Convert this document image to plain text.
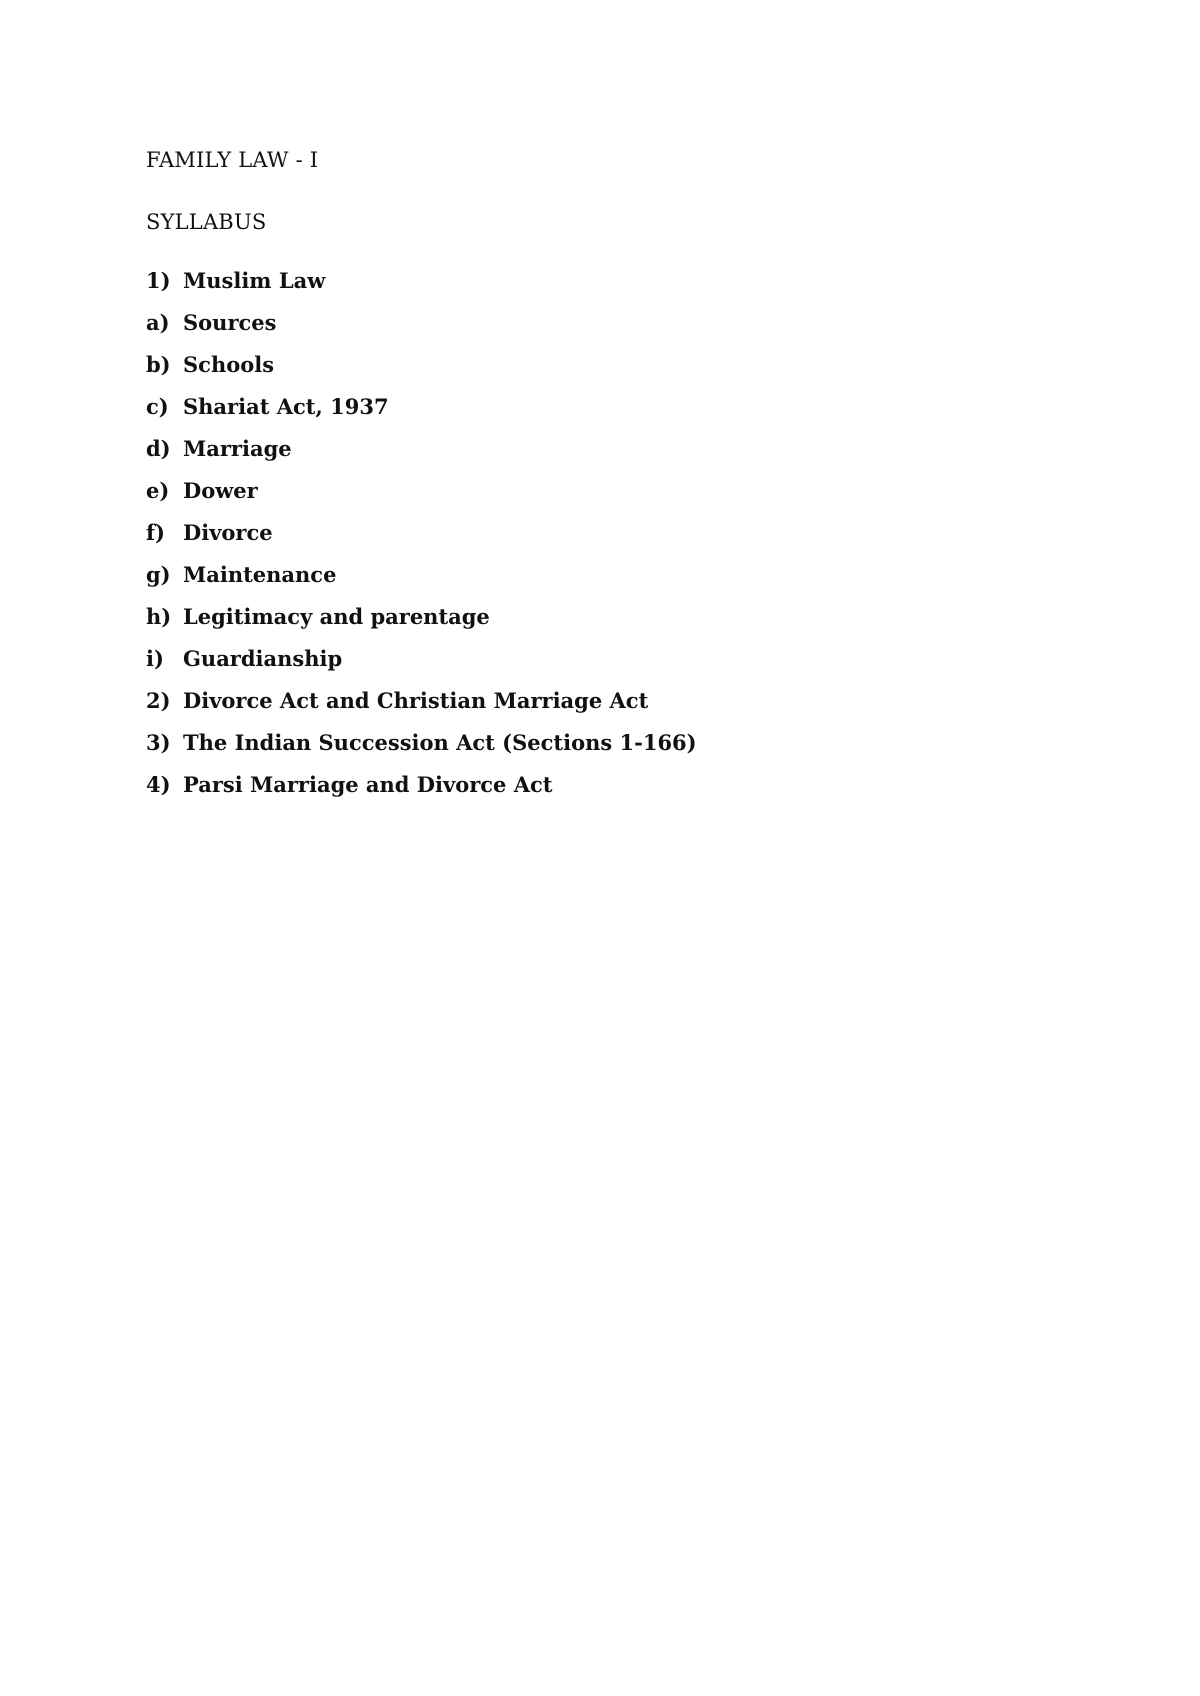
FAMILY LAW - I

SYLLABUS

1) Muslim Law
a) Sources
b) Schools
c) Shariat Act, 1937
d) Marriage
e) Dower
f) Divorce
g) Maintenance
h) Legitimacy and parentage
i) Guardianship
2) Divorce Act and Christian Marriage Act
3) The Indian Succession Act (Sections 1-166)
4) Parsi Marriage and Divorce Act
